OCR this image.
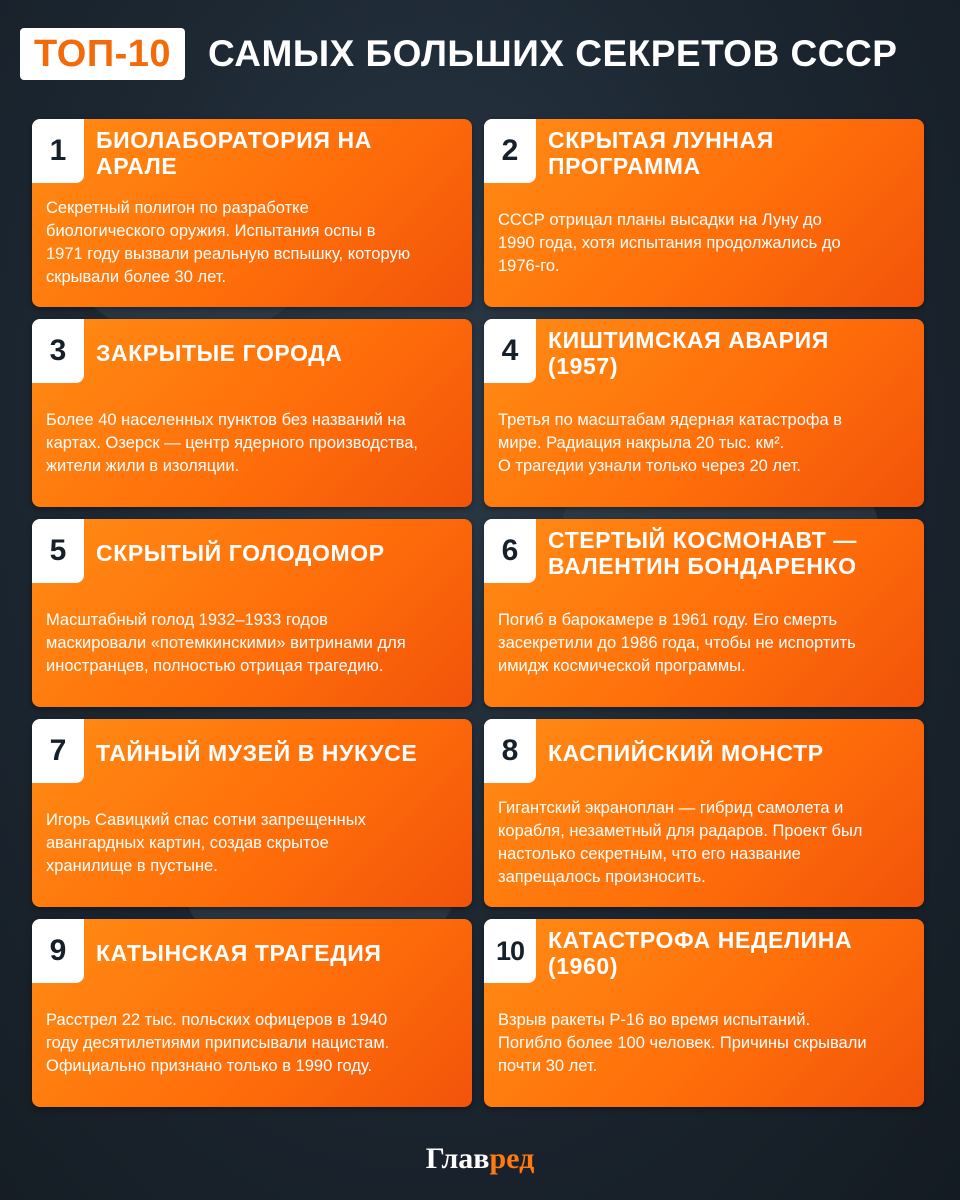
ТОП-10 САМЫХ БОЛЬШИХ СЕКРЕТОВ СССР
1	БИОЛАБОРАТОРИЯ НА
АРАЛЕ
Секретный полигон по разработке
биологического оружия. Испытания оспы в
1971 году вызвали реальную вспышку, которую
скрывали более 30 лет.
2	СКРЫТАЯ ЛУННАЯ
ПРОГРАММА
СССР отрицал планы высадки на Луну до
1990 года, хотя испытания продолжались до
1976-го.
3	ЗАКРЫТЫЕ ГОРОДА
Более 40 населенных пунктов без названий на
картах. Озерск — центр ядерного производства,
жители жили в изоляции.
4	КИШТИМСКАЯ АВАРИЯ
(1957)
Третья по масштабам ядерная катастрофа в
мире. Радиация накрыла 20 тыс. км².
О трагедии узнали только через 20 лет.
5	СКРЫТЫЙ ГОЛОДОМОР
Масштабный голод 1932–1933 годов
маскировали «потемкинскими» витринами для
иностранцев, полностью отрицая трагедию.
6	СТЕРТЫЙ КОСМОНАВТ —
ВАЛЕНТИН БОНДАРЕНКО
Погиб в барокамере в 1961 году. Его смерть
засекретили до 1986 года, чтобы не испортить
имидж космической программы.
7	ТАЙНЫЙ МУЗЕЙ В НУКУСЕ
Игорь Савицкий спас сотни запрещенных
авангардных картин, создав скрытое
хранилище в пустыне.
8	КАСПИЙСКИЙ МОНСТР
Гигантский экраноплан — гибрид самолета и
корабля, незаметный для радаров. Проект был
настолько секретным, что его название
запрещалось произносить.
9	КАТЫНСКАЯ ТРАГЕДИЯ
Расстрел 22 тыс. польских офицеров в 1940
году десятилетиями приписывали нацистам.
Официально признано только в 1990 году.
10	КАТАСТРОФА НЕДЕЛИНА
(1960)
Взрыв ракеты Р-16 во время испытаний.
Погибло более 100 человек. Причины скрывали
почти 30 лет.
Главред
